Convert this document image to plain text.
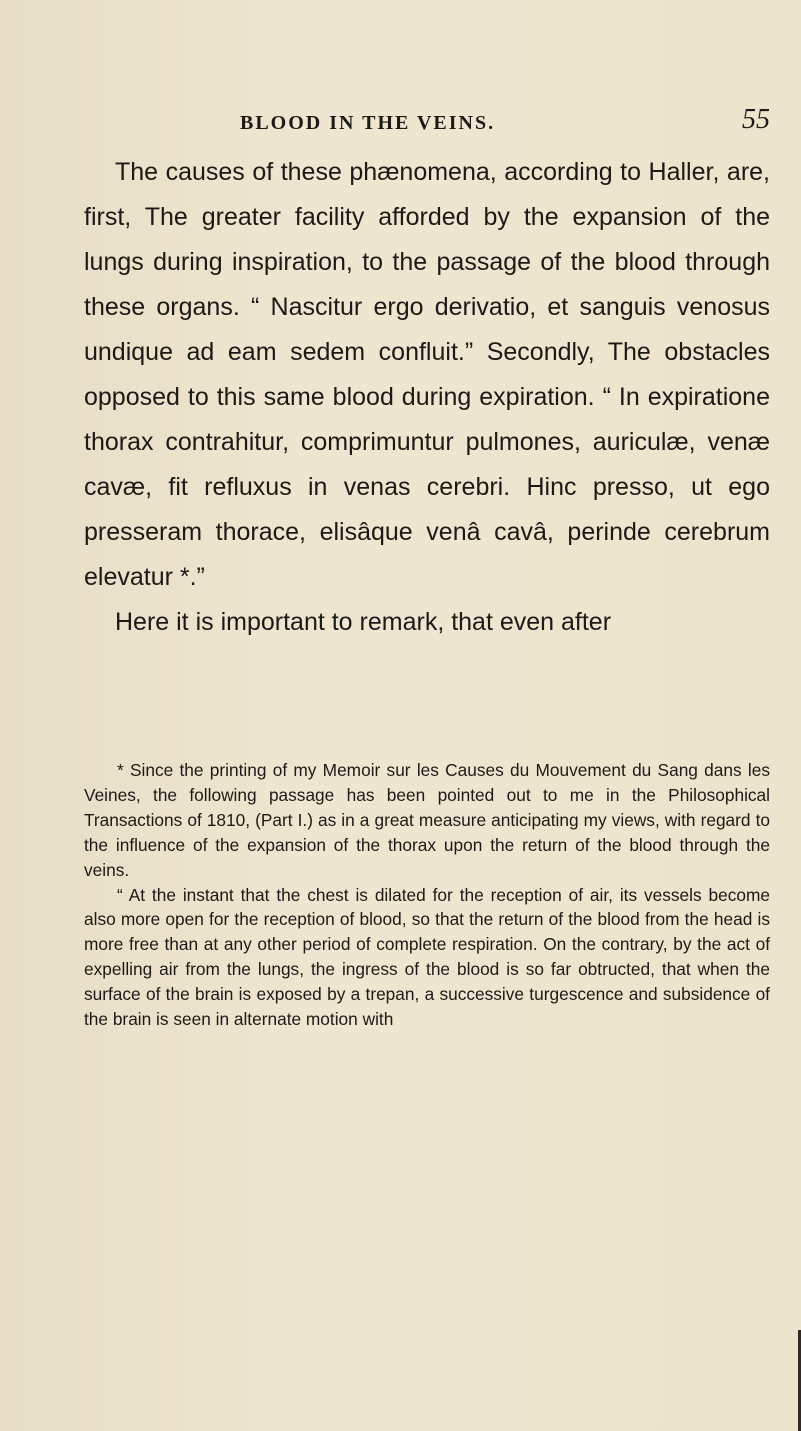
BLOOD IN THE VEINS.	55

The causes of these phænomena, according to Haller, are, first, The greater facility afforded by the expansion of the lungs during inspiration, to the passage of the blood through these organs. “ Nascitur ergo derivatio, et sanguis venosus undique ad eam sedem confluit.” Secondly, The obstacles opposed to this same blood during expiration. “ In expiratione thorax contrahitur, comprimuntur pulmones, auriculæ, venæ cavæ, fit refluxus in venas cerebri. Hinc presso, ut ego presseram thorace, elisâque venâ cavâ, perinde cerebrum elevatur *.”

Here it is important to remark, that even after

* Since the printing of my Memoir sur les Causes du Mouvement du Sang dans les Veines, the following passage has been pointed out to me in the Philosophical Transactions of 1810, (Part I.) as in a great measure anticipating my views, with regard to the influence of the expansion of the thorax upon the return of the blood through the veins.

“ At the instant that the chest is dilated for the reception of air, its vessels become also more open for the reception of blood, so that the return of the blood from the head is more free than at any other period of complete respiration. On the contrary, by the act of expelling air from the lungs, the ingress of the blood is so far obtructed, that when the surface of the brain is exposed by a trepan, a successive turgescence and subsidence of the brain is seen in alternate motion with
